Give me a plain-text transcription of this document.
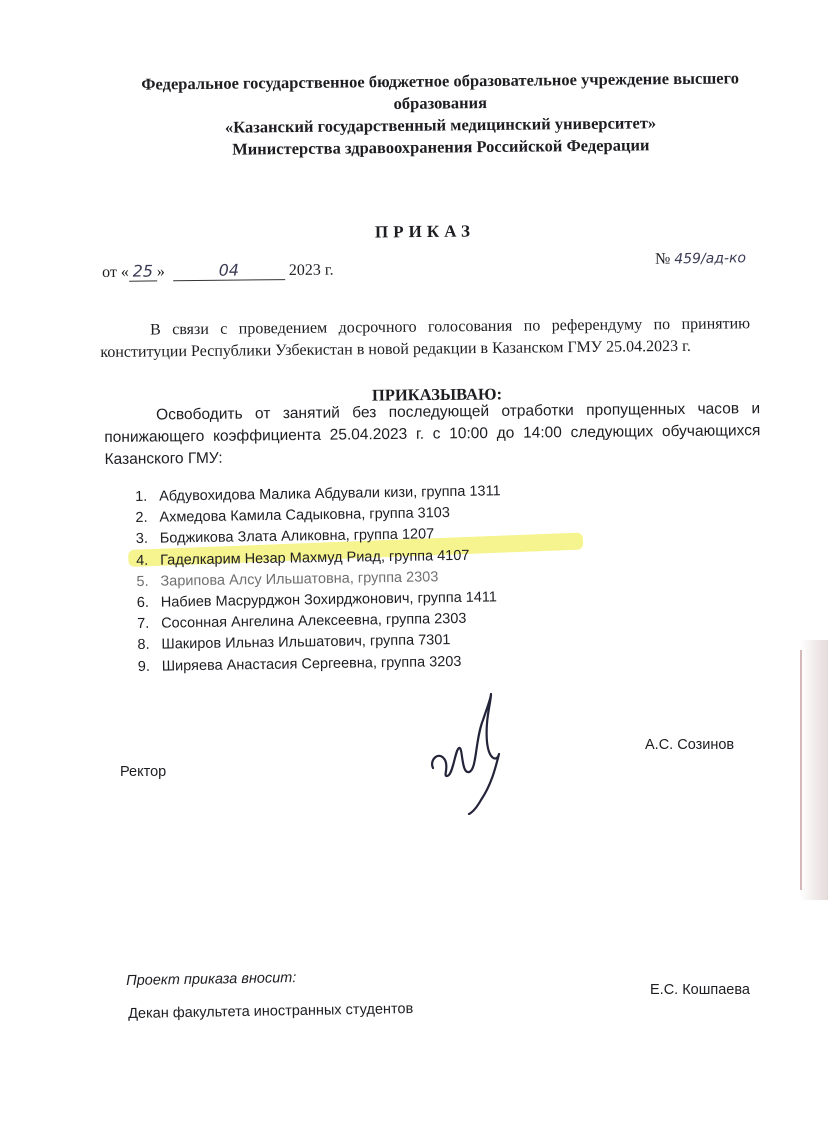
Федеральное государственное бюджетное образовательное учреждение высшего
образования
«Казанский государственный медицинский университет»
Министерства здравоохранения Российской Федерации
ПРИКАЗ
от « 25 »	04	2023 г.
№ 459/ад-ко
В связи с проведением досрочного голосования по референдуму по принятию конституции Республики Узбекистан в новой редакции в Казанском ГМУ 25.04.2023 г.
ПРИКАЗЫВАЮ:
Освободить от занятий без последующей отработки пропущенных часов и понижающего коэффициента 25.04.2023 г. с 10:00 до 14:00 следующих обучающихся Казанского ГМУ:
1. Абдувохидова Малика Абдували кизи, группа 1311
2. Ахмедова Камила Садыковна, группа 3103
3. Боджикова Злата Аликовна, группа 1207
4. Гаделкарим Незар Махмуд Риад, группа 4107
5. Зарипова Алсу Ильшатовна, группа 2303
6. Набиев Масрурджон Зохирджонович, группа 1411
7. Сосонная Ангелина Алексеевна, группа 2303
8. Шакиров Ильназ Ильшатович, группа 7301
9. Ширяева Анастасия Сергеевна, группа 3203
А.С. Созинов
Ректор
Проект приказа вносит:
Е.С. Кошпаева
Декан факультета иностранных студентов
